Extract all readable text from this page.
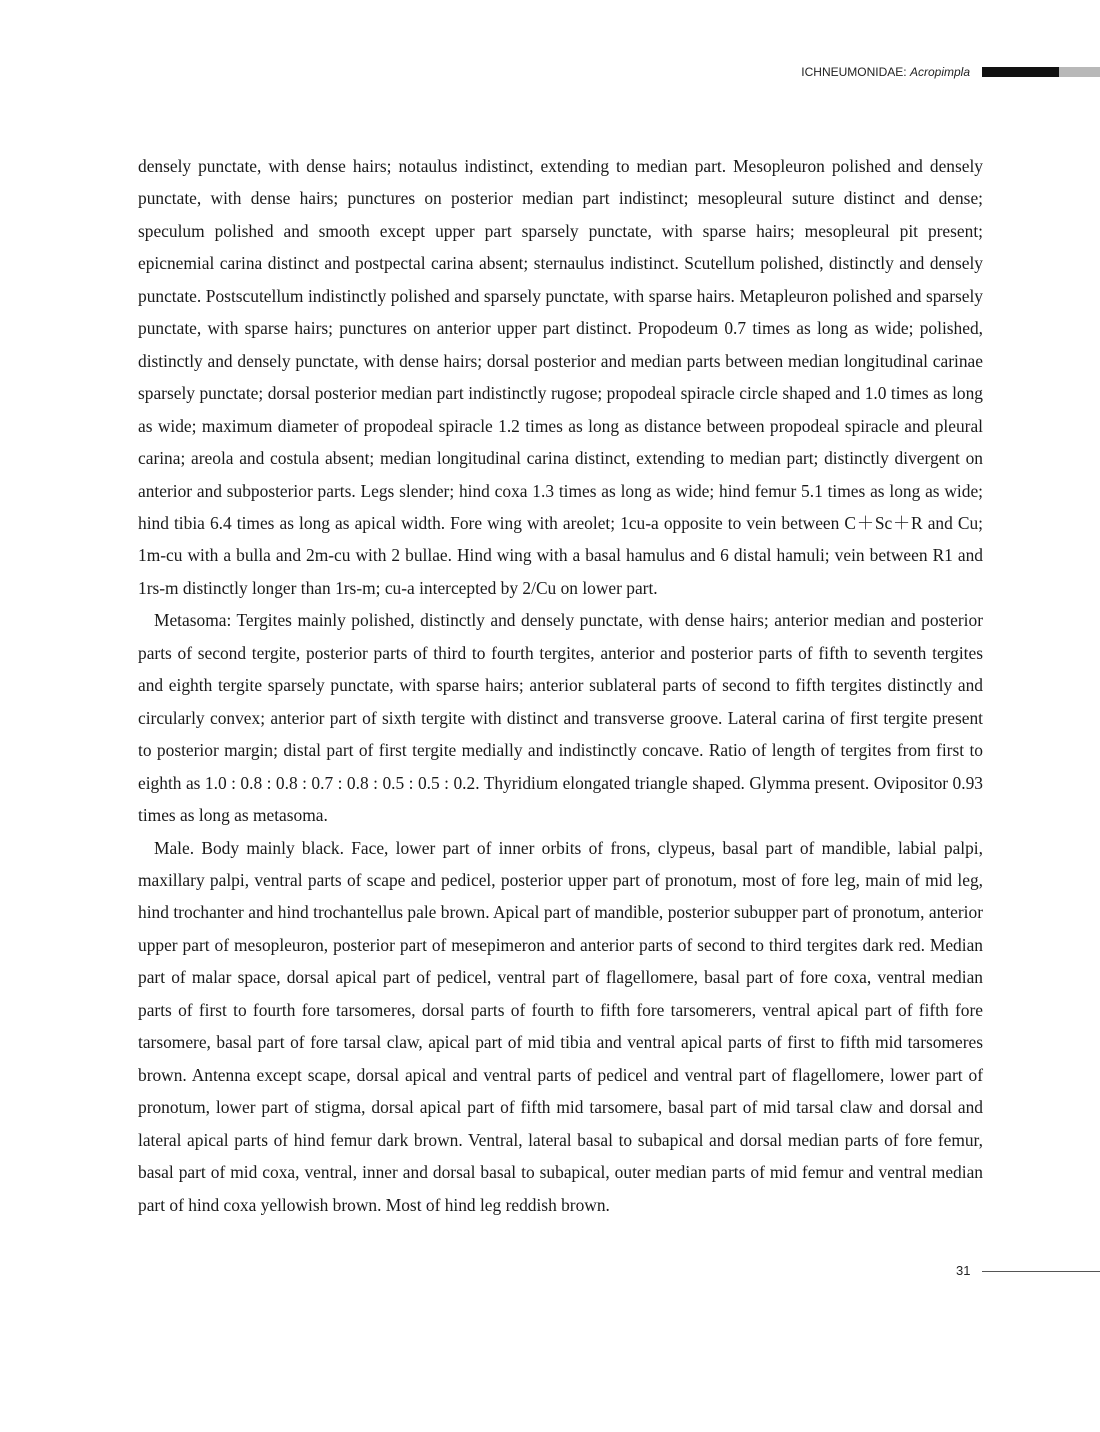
ICHNEUMONIDAE: Acropimpla

densely punctate, with dense hairs; notaulus indistinct, extending to median part. Mesopleuron polished and densely punctate, with dense hairs; punctures on posterior median part indistinct; mesopleural suture distinct and dense; speculum polished and smooth except upper part sparsely punctate, with sparse hairs; mesopleural pit present; epicnemial carina distinct and postpectal carina absent; sternaulus indistinct. Scutellum polished, distinctly and densely punctate. Postscutellum indistinctly polished and sparsely punctate, with sparse hairs. Metapleuron polished and sparsely punctate, with sparse hairs; punctures on anterior upper part distinct. Propodeum 0.7 times as long as wide; polished, distinctly and densely punctate, with dense hairs; dorsal posterior and median parts between median longitudinal carinae sparsely punctate; dorsal posterior median part indistinctly rugose; propodeal spiracle circle shaped and 1.0 times as long as wide; maximum diameter of propodeal spiracle 1.2 times as long as distance between propodeal spiracle and pleural carina; areola and costula absent; median longitudinal carina distinct, extending to median part; distinctly divergent on anterior and subposterior parts. Legs slender; hind coxa 1.3 times as long as wide; hind femur 5.1 times as long as wide; hind tibia 6.4 times as long as apical width. Fore wing with areolet; 1cu-a opposite to vein between C＋Sc＋R and Cu; 1m-cu with a bulla and 2m-cu with 2 bullae. Hind wing with a basal hamulus and 6 distal hamuli; vein between R1 and 1rs-m distinctly longer than 1rs-m; cu-a intercepted by 2/Cu on lower part.

Metasoma: Tergites mainly polished, distinctly and densely punctate, with dense hairs; anterior median and posterior parts of second tergite, posterior parts of third to fourth tergites, anterior and posterior parts of fifth to seventh tergites and eighth tergite sparsely punctate, with sparse hairs; anterior sublateral parts of second to fifth tergites distinctly and circularly convex; anterior part of sixth tergite with distinct and transverse groove. Lateral carina of first tergite present to posterior margin; distal part of first tergite medially and indistinctly concave. Ratio of length of tergites from first to eighth as 1.0 : 0.8 : 0.8 : 0.7 : 0.8 : 0.5 : 0.5 : 0.2. Thyridium elongated triangle shaped. Glymma present. Ovipositor 0.93 times as long as metasoma.

Male. Body mainly black. Face, lower part of inner orbits of frons, clypeus, basal part of mandible, labial palpi, maxillary palpi, ventral parts of scape and pedicel, posterior upper part of pronotum, most of fore leg, main of mid leg, hind trochanter and hind trochantellus pale brown. Apical part of mandible, posterior subupper part of pronotum, anterior upper part of mesopleuron, posterior part of mesepimeron and anterior parts of second to third tergites dark red. Median part of malar space, dorsal apical part of pedicel, ventral part of flagellomere, basal part of fore coxa, ventral median parts of first to fourth fore tarsomeres, dorsal parts of fourth to fifth fore tarsomerers, ventral apical part of fifth fore tarsomere, basal part of fore tarsal claw, apical part of mid tibia and ventral apical parts of first to fifth mid tarsomeres brown. Antenna except scape, dorsal apical and ventral parts of pedicel and ventral part of flagellomere, lower part of pronotum, lower part of stigma, dorsal apical part of fifth mid tarsomere, basal part of mid tarsal claw and dorsal and lateral apical parts of hind femur dark brown. Ventral, lateral basal to subapical and dorsal median parts of fore femur, basal part of mid coxa, ventral, inner and dorsal basal to subapical, outer median parts of mid femur and ventral median part of hind coxa yellowish brown. Most of hind leg reddish brown.

31
